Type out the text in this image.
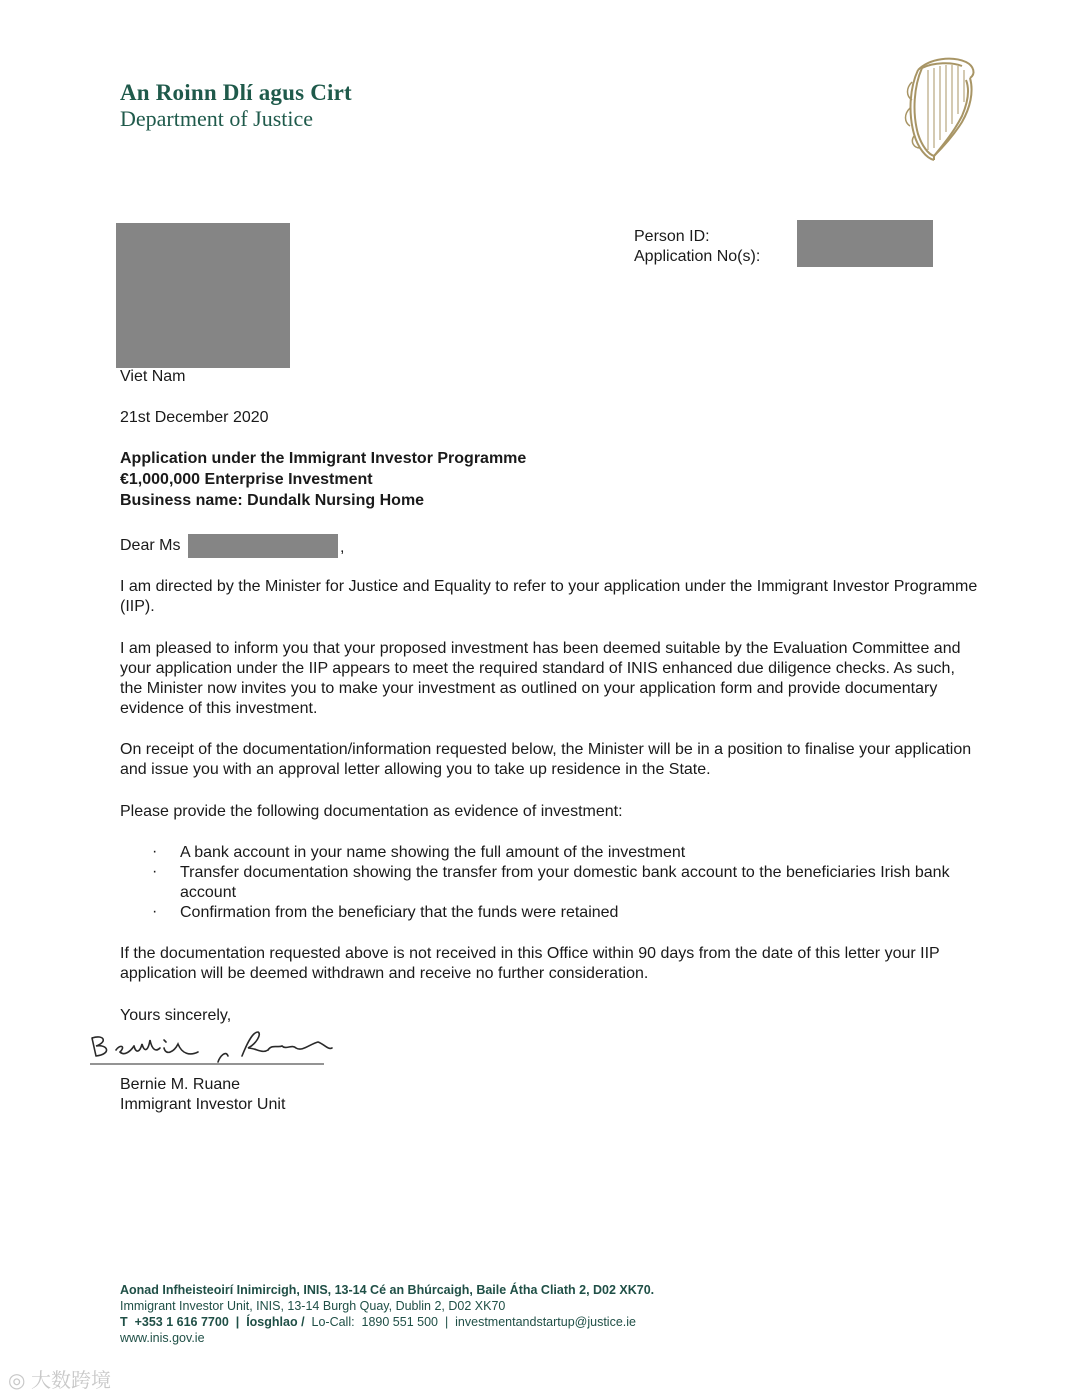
An Roinn Dlí agus Cirt
Department of Justice
Person ID:
Application No(s):
Viet Nam
21st December 2020
Application under the Immigrant Investor Programme
€1,000,000 Enterprise Investment
Business name: Dundalk Nursing Home
Dear Ms	,

I am directed by the Minister for Justice and Equality to refer to your application under the Immigrant Investor Programme (IIP).

I am pleased to inform you that your proposed investment has been deemed suitable by the Evaluation Committee and your application under the IIP appears to meet the required standard of INIS enhanced due diligence checks. As such, the Minister now invites you to make your investment as outlined on your application form and provide documentary evidence of this investment.

On receipt of the documentation/information requested below, the Minister will be in a position to finalise your application and issue you with an approval letter allowing you to take up residence in the State.

Please provide the following documentation as evidence of investment:

· A bank account in your name showing the full amount of the investment
· Transfer documentation showing the transfer from your domestic bank account to the beneficiaries Irish bank account
· Confirmation from the beneficiary that the funds were retained

If the documentation requested above is not received in this Office within 90 days from the date of this letter your IIP application will be deemed withdrawn and receive no further consideration.

Yours sincerely,
Bernie M. Ruane
Immigrant Investor Unit
Aonad Infheisteoirí Inimircigh, INIS, 13-14 Cé an Bhúrcaigh, Baile Átha Cliath 2, D02 XK70.
Immigrant Investor Unit, INIS, 13-14 Burgh Quay, Dublin 2, D02 XK70
T +353 1 616 7700 | Íosghlao / Lo-Call: 1890 551 500 | investmentandstartup@justice.ie
www.inis.gov.ie
◎ 大数跨境
